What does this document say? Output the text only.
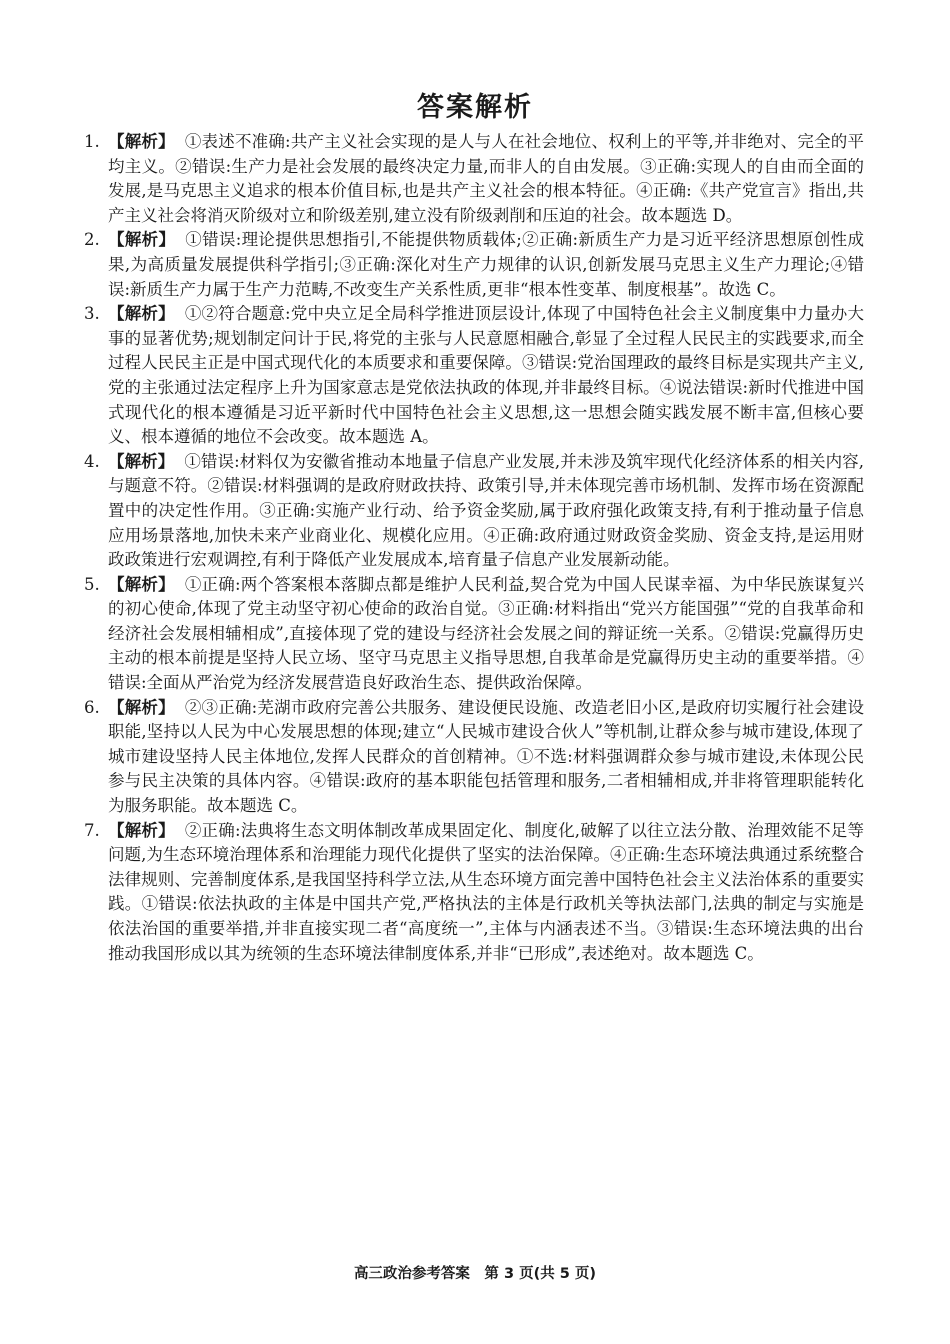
答案解析
1. 【解析】 ①表述不准确:共产主义社会实现的是人与人在社会地位、权利上的平等,并非绝对、完全的平均主义。②错误:生产力是社会发展的最终决定力量,而非人的自由发展。③正确:实现人的自由而全面的发展,是马克思主义追求的根本价值目标,也是共产主义社会的根本特征。④正确:《共产党宣言》指出,共产主义社会将消灭阶级对立和阶级差别,建立没有阶级剥削和压迫的社会。故本题选 D。
2. 【解析】 ①错误:理论提供思想指引,不能提供物质载体;②正确:新质生产力是习近平经济思想原创性成果,为高质量发展提供科学指引;③正确:深化对生产力规律的认识,创新发展马克思主义生产力理论;④错误:新质生产力属于生产力范畴,不改变生产关系性质,更非“根本性变革、制度根基”。故选 C。
3. 【解析】 ①②符合题意:党中央立足全局科学推进顶层设计,体现了中国特色社会主义制度集中力量办大事的显著优势;规划制定问计于民,将党的主张与人民意愿相融合,彰显了全过程人民民主的实践要求,而全过程人民民主正是中国式现代化的本质要求和重要保障。③错误:党治国理政的最终目标是实现共产主义,党的主张通过法定程序上升为国家意志是党依法执政的体现,并非最终目标。④说法错误:新时代推进中国式现代化的根本遵循是习近平新时代中国特色社会主义思想,这一思想会随实践发展不断丰富,但核心要义、根本遵循的地位不会改变。故本题选 A。
4. 【解析】 ①错误:材料仅为安徽省推动本地量子信息产业发展,并未涉及筑牢现代化经济体系的相关内容,与题意不符。②错误:材料强调的是政府财政扶持、政策引导,并未体现完善市场机制、发挥市场在资源配置中的决定性作用。③正确:实施产业行动、给予资金奖励,属于政府强化政策支持,有利于推动量子信息应用场景落地,加快未来产业商业化、规模化应用。④正确:政府通过财政资金奖励、资金支持,是运用财政政策进行宏观调控,有利于降低产业发展成本,培育量子信息产业发展新动能。
5. 【解析】 ①正确:两个答案根本落脚点都是维护人民利益,契合党为中国人民谋幸福、为中华民族谋复兴的初心使命,体现了党主动坚守初心使命的政治自觉。③正确:材料指出“党兴方能国强”“党的自我革命和经济社会发展相辅相成”,直接体现了党的建设与经济社会发展之间的辩证统一关系。②错误:党赢得历史主动的根本前提是坚持人民立场、坚守马克思主义指导思想,自我革命是党赢得历史主动的重要举措。④错误:全面从严治党为经济发展营造良好政治生态、提供政治保障。
6. 【解析】 ②③正确:芜湖市政府完善公共服务、建设便民设施、改造老旧小区,是政府切实履行社会建设职能,坚持以人民为中心发展思想的体现;建立“人民城市建设合伙人”等机制,让群众参与城市建设,体现了城市建设坚持人民主体地位,发挥人民群众的首创精神。①不选:材料强调群众参与城市建设,未体现公民参与民主决策的具体内容。④错误:政府的基本职能包括管理和服务,二者相辅相成,并非将管理职能转化为服务职能。故本题选 C。
7. 【解析】 ②正确:法典将生态文明体制改革成果固定化、制度化,破解了以往立法分散、治理效能不足等问题,为生态环境治理体系和治理能力现代化提供了坚实的法治保障。④正确:生态环境法典通过系统整合法律规则、完善制度体系,是我国坚持科学立法,从生态环境方面完善中国特色社会主义法治体系的重要实践。①错误:依法执政的主体是中国共产党,严格执法的主体是行政机关等执法部门,法典的制定与实施是依法治国的重要举措,并非直接实现二者“高度统一”,主体与内涵表述不当。③错误:生态环境法典的出台推动我国形成以其为统领的生态环境法律制度体系,并非“已形成”,表述绝对。故本题选 C。
高三政治参考答案　第 3 页(共 5 页)
